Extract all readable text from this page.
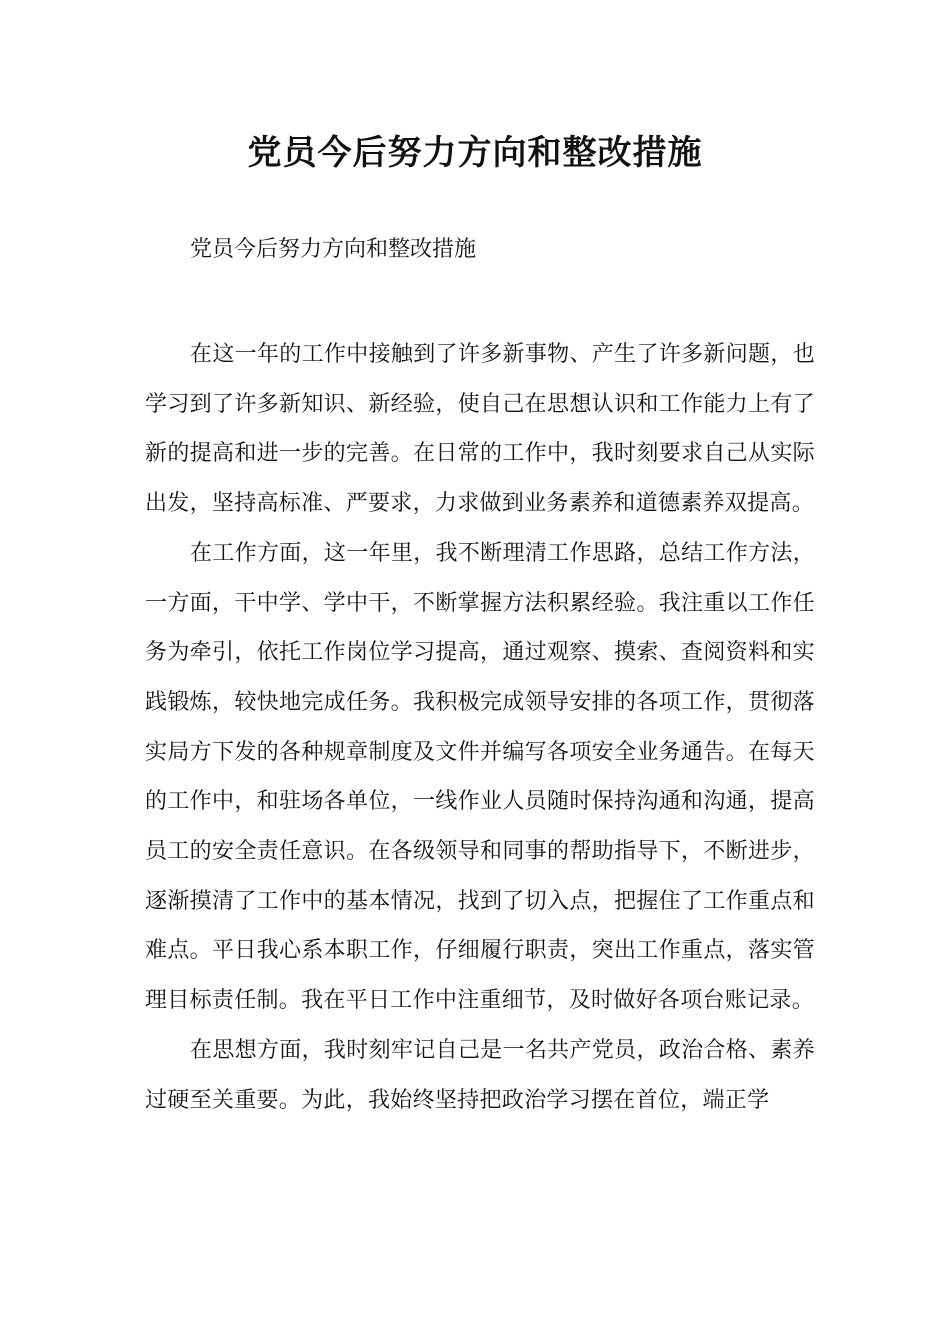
党员今后努力方向和整改措施

党员今后努力方向和整改措施

在这一年的工作中接触到了许多新事物、产生了许多新问题，也学习到了许多新知识、新经验，使自己在思想认识和工作能力上有了新的提高和进一步的完善。在日常的工作中，我时刻要求自己从实际出发，坚持高标准、严要求，力求做到业务素养和道德素养双提高。

在工作方面，这一年里，我不断理清工作思路，总结工作方法，一方面，干中学、学中干，不断掌握方法积累经验。我注重以工作任务为牵引，依托工作岗位学习提高，通过观察、摸索、查阅资料和实践锻炼，较快地完成任务。我积极完成领导安排的各项工作，贯彻落实局方下发的各种规章制度及文件并编写各项安全业务通告。在每天的工作中，和驻场各单位，一线作业人员随时保持沟通和沟通，提高员工的安全责任意识。在各级领导和同事的帮助指导下，不断进步，逐渐摸清了工作中的基本情况，找到了切入点，把握住了工作重点和难点。平日我心系本职工作，仔细履行职责，突出工作重点，落实管理目标责任制。我在平日工作中注重细节，及时做好各项台账记录。

在思想方面，我时刻牢记自己是一名共产党员，政治合格、素养过硬至关重要。为此，我始终坚持把政治学习摆在首位，端正学
